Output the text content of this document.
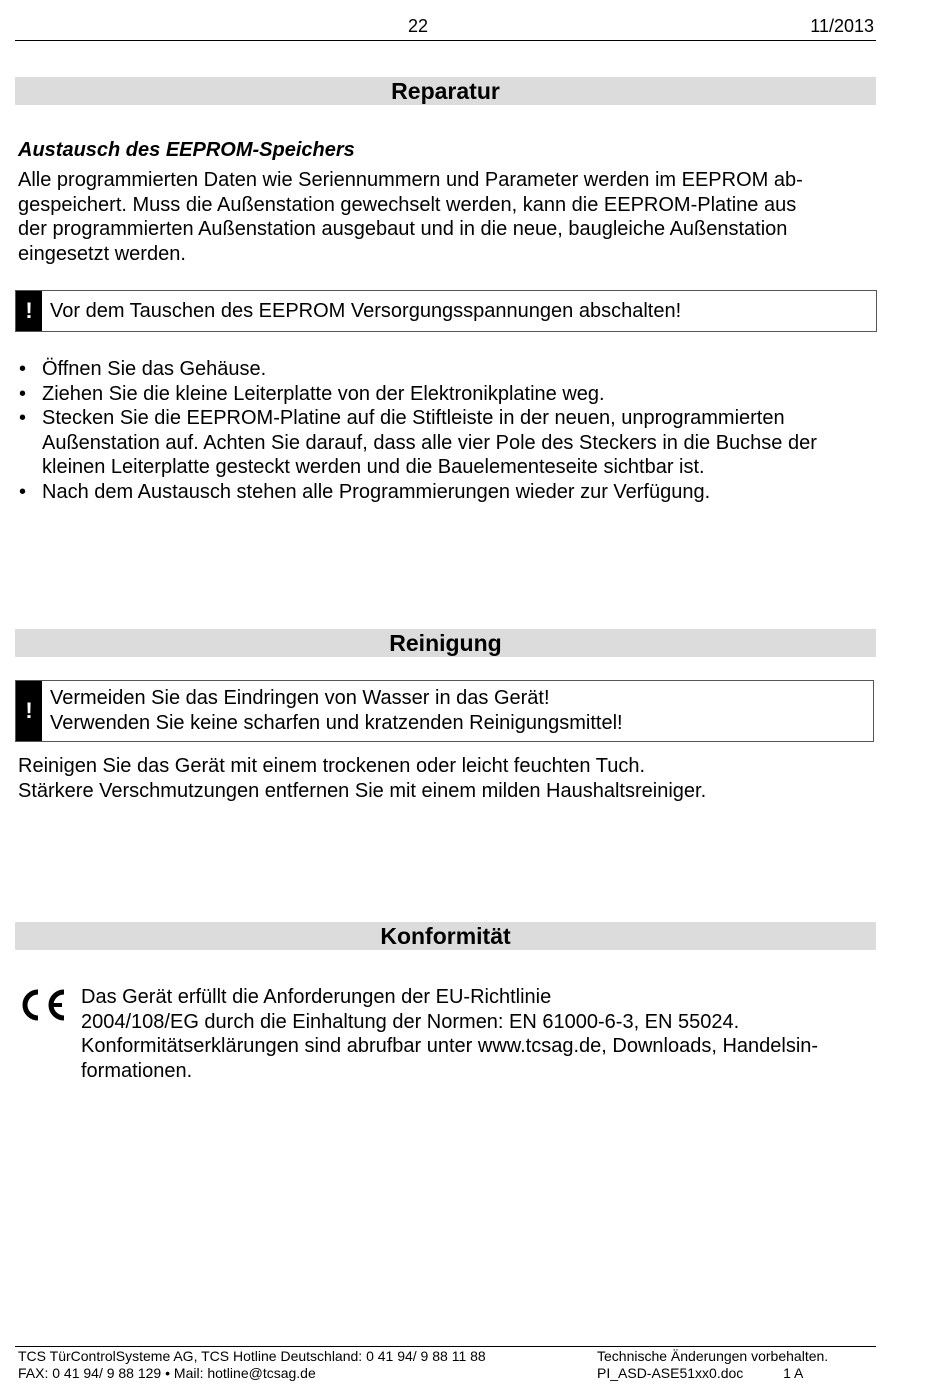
22	11/2013
Reparatur
Austausch des EEPROM-Speichers
Alle programmierten Daten wie Seriennummern und Parameter werden im EEPROM ab-
gespeichert. Muss die Außenstation gewechselt werden, kann die EEPROM-Platine aus
der programmierten Außenstation ausgebaut und in die neue, baugleiche Außenstation
eingesetzt werden.
! Vor dem Tauschen des EEPROM Versorgungsspannungen abschalten!
• Öffnen Sie das Gehäuse.
• Ziehen Sie die kleine Leiterplatte von der Elektronikplatine weg.
• Stecken Sie die EEPROM-Platine auf die Stiftleiste in der neuen, unprogrammierten
Außenstation auf. Achten Sie darauf, dass alle vier Pole des Steckers in die Buchse der
kleinen Leiterplatte gesteckt werden und die Bauelementeseite sichtbar ist.
• Nach dem Austausch stehen alle Programmierungen wieder zur Verfügung.
Reinigung
! Vermeiden Sie das Eindringen von Wasser in das Gerät!
Verwenden Sie keine scharfen und kratzenden Reinigungsmittel!
Reinigen Sie das Gerät mit einem trockenen oder leicht feuchten Tuch.
Stärkere Verschmutzungen entfernen Sie mit einem milden Haushaltsreiniger.
Konformität
Das Gerät erfüllt die Anforderungen der EU-Richtlinie
2004/108/EG durch die Einhaltung der Normen: EN 61000-6-3, EN 55024.
Konformitätserklärungen sind abrufbar unter www.tcsag.de, Downloads, Handelsin-
formationen.
TCS TürControlSysteme AG, TCS Hotline Deutschland: 0 41 94/ 9 88 11 88
FAX: 0 41 94/ 9 88 129 • Mail: hotline@tcsag.de
Technische Änderungen vorbehalten.
PI_ASD-ASE51xx0.doc	1 A
